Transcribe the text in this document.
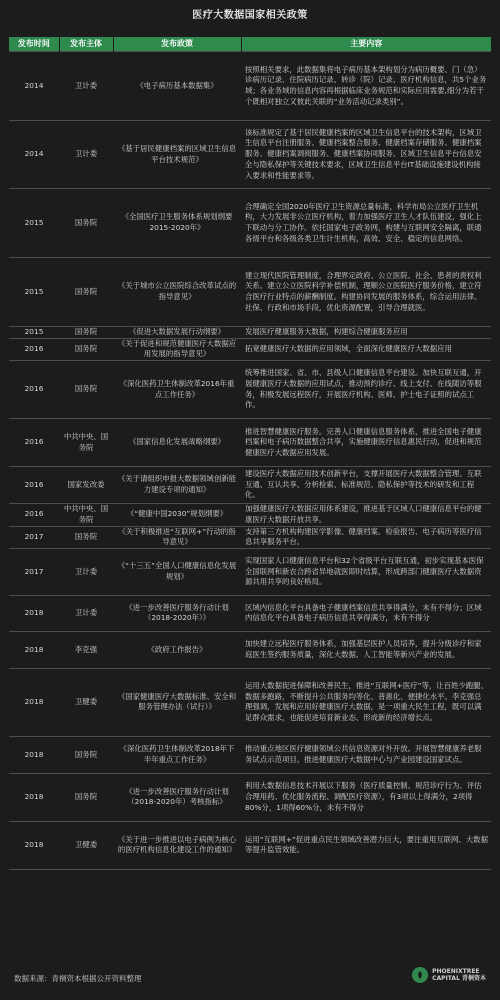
医疗大数据国家相关政策
发布时间	发布主体	发布政策	主要内容
2014	卫计委	《电子病历基本数据集》	按照相关要求，此数据集将电子病历基本架构划分为病历概要、门（急）诊病历记录、住院病历记录、转诊（院）记录、医疗机构信息，共5个业务域；各业务域的信息内容再根据临床业务规范和实际应用需要,细分为若干个既相对独立又彼此关联的“业务活动记录类别”。
2014	卫计委	《基于居民健康档案的区域卫生信息平台技术规范》	该标准规定了基于居民健康档案的区域卫生信息平台的技术架构，区域卫生信息平台注册服务、健康档案整合服务、健康档案存储服务、健康档案服务、健康档案调阅服务、健康档案协同服务、区域卫生信息平台信息安全与隐私保护等关键技术要求，区域卫生信息平台IT基础设施建设机构接入要求和性能要求等。
2015	国务院	《全国医疗卫生服务体系规划纲要2015-2020年》	合理确定全国2020年医疗卫生资源总量标准，科学布局公立医疗卫生机构，大力发展非公立医疗机构，着力加强医疗卫生人才队伍建设，强化上下联动与分工协作。依托国家电子政务网，构建与互联网安全隔离，联通各级平台和各级各类卫生计生机构，高效、安全、稳定的信息网络。
2015	国务院	《关于城市公立医院综合改革试点的指导意见》	建立现代医院管理制度，合理界定政府、公立医院、社会、患者的责权利关系。建立公立医院科学补偿机制，理顺公立医院医疗服务价格，建立符合医疗行业特点的薪酬制度。构建协同发展的服务体系，综合运用法律、社保、行政和市场手段，优化资源配置，引导合理就医。
2015	国务院	《促进大数据发展行动纲要》	发展医疗健康服务大数据，构建综合健康服务应用
2016	国务院	《关于促进和规范健康医疗大数据应用发展的指导意见》	拓宽健康医疗大数据的应用领域，全面深化健康医疗大数据应用
2016	国务院	《深化医药卫生体制改革2016年重点工作任务》	统筹推进国家、省、市、县级人口健康信息平台建设。加快互联互通，开展健康医疗大数据的应用试点，推动预约诊疗、线上支付、在线随访等服务，积极发展远程医疗，开展医疗机构、医师、护士电子证照的试点工作。
2016	中共中央、国务院	《国家信息化发展战略纲要》	推进智慧健康医疗服务。完善人口健康信息服务体系，推进全国电子健康档案和电子病历数据整合共享，实施健康医疗信息惠民行动，促进和规范健康医疗大数据应用发展。
2016	国家发改委	《关于请组织申报大数据领域创新能力建设专项的通知》	建设医疗大数据应用技术创新平台，支撑开展医疗大数据整合管理、互联互通、互认共享、分析检索、标准规范、隐私保护等技术的研发和工程化。
2016	中共中央、国务院	《“健康中国2030”规划纲要》	加强健康医疗大数据应用体系建设，推进基于区域人口健康信息平台的健康医疗大数据开放共享。
2017	国务院	《关于积极推进“互联网+”行动的指导意见》	支持第三方机构构建医学影像、健康档案、检验报告、电子病历等医疗信息共享服务平台。
2017	卫计委	《“十三五”全国人口健康信息化发展规划》	实现国家人口健康信息平台和32个省级平台互联互通，初步实现基本医保全国联网和新农合跨省异地就医即时结算，形成跨部门健康医疗大数据资源共用共享的良好格局。
2018	卫计委	《进一步改善医疗服务行动计划（2018-2020年）》	区域内信息化平台具备电子健康档案信息共享得满分，未有不得分；区域内信息化平台具备电子病历信息共享得满分，未有不得分
2018	李克强	《政府工作报告》	加快建立远程医疗服务体系，加强基层医护人员培养，提升分级诊疗和家庭医生签约服务质量，深化大数据、人工智能等新兴产业的发展。
2018	卫健委	《国家健康医疗大数据标准、安全和服务管理办法（试行）》	运用大数据促进保障和改善民生，推进“互联网+医疗”等，让百姓少跑腿、数据多跑路，不断提升公共服务均等化、普惠化、便捷化水平。李克强总理强调，发展和应用好健康医疗大数据，是一项重大民生工程，既可以满足群众需求，也能促进培育新业态、形成新的经济增长点。
2018	国务院	《深化医药卫生体制改革2018年下半年重点工作任务》	推动重点地区医疗健康领域公共信息资源对外开放。开展智慧健康养老服务试点示范项目。推进健康医疗大数据中心与产业园建设国家试点。
2018	国务院	《进一步改善医疗服务行动计划（2018-2020年）考核指标》	利用大数据信息技术开展以下服务（医疗质量控制、规范诊疗行为、评估合理用药、优化服务流程、调配医疗资源），有3项以上得满分，2项得80%分，1项得60%分，未有不得分
2018	卫健委	《关于进一步推进以电子病例为核心的医疗机构信息化建设工作的通知》	运用“互联网+”促进重点民生领域改善潜力巨大，要注重用互联网、大数据等提升监管效能。
数据来源：青桐资本根据公开资料整理
PHOENIXTREE
CAPITAL 青桐资本
